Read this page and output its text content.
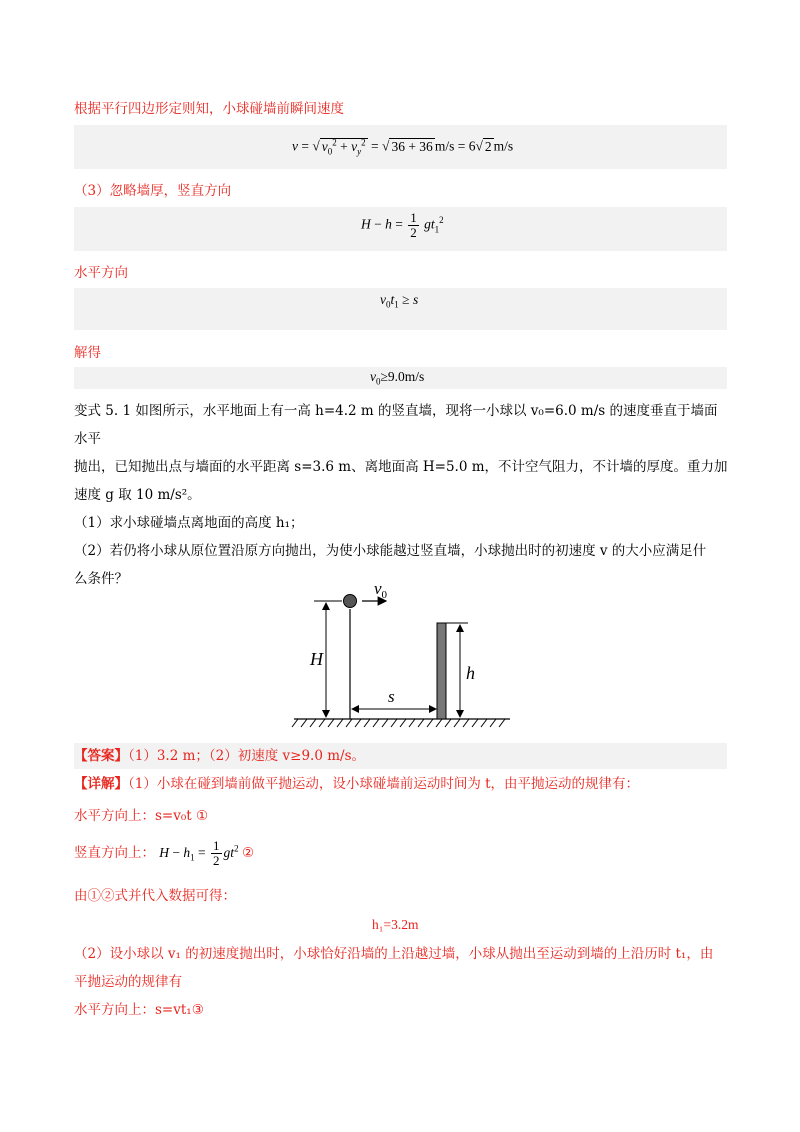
根据平行四边形定则知，小球碰墙前瞬间速度
v = √ $v_0^2 + v_y^2$ = √ 36 + 36 m/s = 6√ 2 m/s
（3）忽略墙厚，竖直方向
$H - h = \frac{1}{2} gt_1^2$
水平方向
$v_0t_1 \ge s$
解得
$v_0\ge 9.0m/s$
变式 5. 1 如图所示，水平地面上有一高 h=4.2 m 的竖直墙，现将一小球以 v₀=6.0 m/s 的速度垂直于墙面水平
抛出，已知抛出点与墙面的水平距离 s=3.6 m、离地面高 H=5.0 m，不计空气阻力，不计墙的厚度。重力加
速度 g 取 10 m/s²。
（1）求小球碰墙点离地面的高度 h₁；
（2）若仍将小球从原位置沿原方向抛出，为使小球能越过竖直墙，小球抛出时的初速度 v 的大小应满足什
么条件？
H
$v_0$
s
h
【答案】（1）3.2 m；（2）初速度 v≥9.0 m/s。
【详解】（1）小球在碰到墙前做平抛运动，设小球碰墙前运动时间为 t，由平抛运动的规律有：
水平方向上：s=v₀t ①
竖直方向上： $H - h_1 = \frac{1}{2} gt^2$ ②
由①②式并代入数据可得：
h₁=3.2m
（2）设小球以 v₁ 的初速度抛出时，小球恰好沿墙的上沿越过墙，小球从抛出至运动到墙的上沿历时 t₁，由
平抛运动的规律有
水平方向上：s=vt₁③
